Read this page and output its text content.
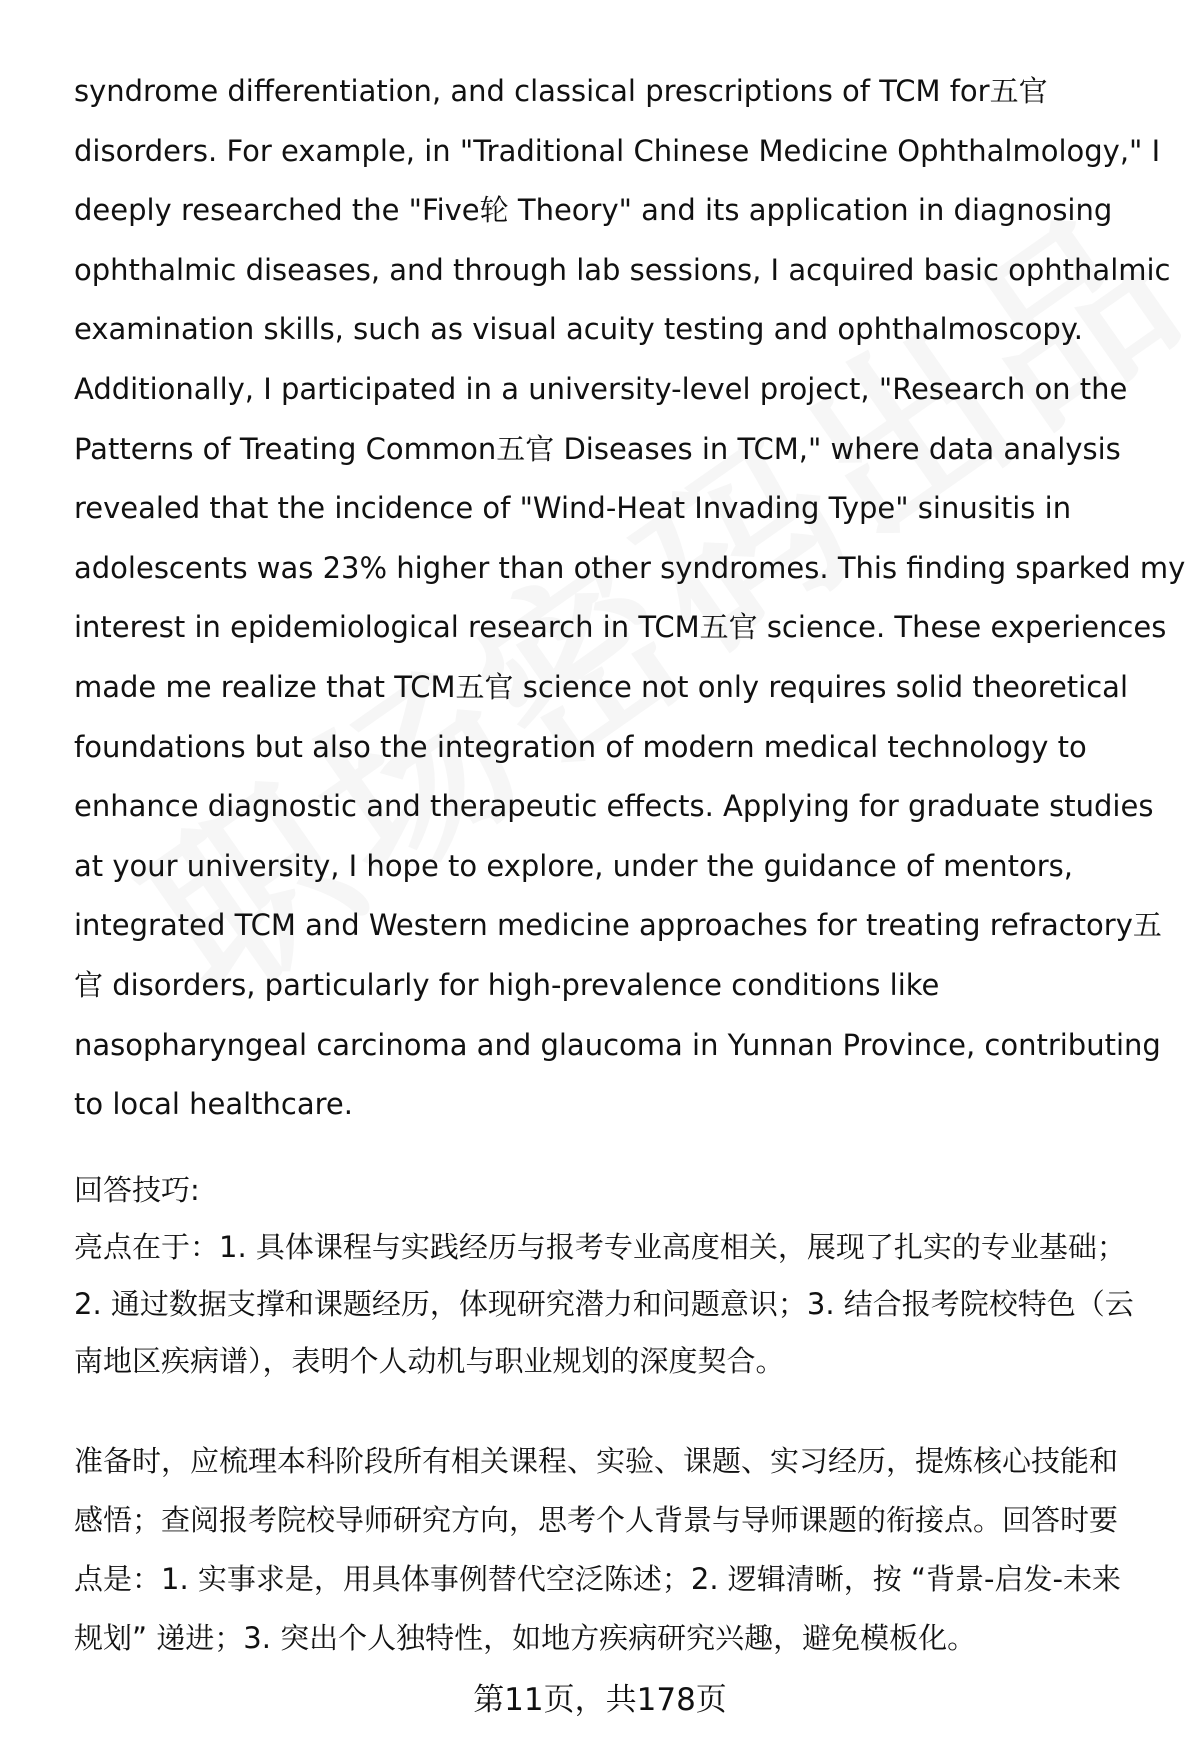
syndrome differentiation, and classical prescriptions of TCM for五官
disorders. For example, in "Traditional Chinese Medicine Ophthalmology," I
deeply researched the "Five轮 Theory" and its application in diagnosing
ophthalmic diseases, and through lab sessions, I acquired basic ophthalmic
examination skills, such as visual acuity testing and ophthalmoscopy.
Additionally, I participated in a university-level project, "Research on the
Patterns of Treating Common五官 Diseases in TCM," where data analysis
revealed that the incidence of "Wind-Heat Invading Type" sinusitis in
adolescents was 23% higher than other syndromes. This finding sparked my
interest in epidemiological research in TCM五官 science. These experiences
made me realize that TCM五官 science not only requires solid theoretical
foundations but also the integration of modern medical technology to
enhance diagnostic and therapeutic effects. Applying for graduate studies
at your university, I hope to explore, under the guidance of mentors,
integrated TCM and Western medicine approaches for treating refractory五
官 disorders, particularly for high-prevalence conditions like
nasopharyngeal carcinoma and glaucoma in Yunnan Province, contributing
to local healthcare.

回答技巧:
亮点在于：1. 具体课程与实践经历与报考专业高度相关，展现了扎实的专业基础；
2. 通过数据支撑和课题经历，体现研究潜力和问题意识；3. 结合报考院校特色（云
南地区疾病谱），表明个人动机与职业规划的深度契合。
准备时，应梳理本科阶段所有相关课程、实验、课题、实习经历，提炼核心技能和
感悟；查阅报考院校导师研究方向，思考个人背景与导师课题的衔接点。回答时要
点是：1. 实事求是，用具体事例替代空泛陈述；2. 逻辑清晰，按 “背景-启发-未来
规划” 递进；3. 突出个人独特性，如地方疾病研究兴趣，避免模板化。
第11页，共178页
